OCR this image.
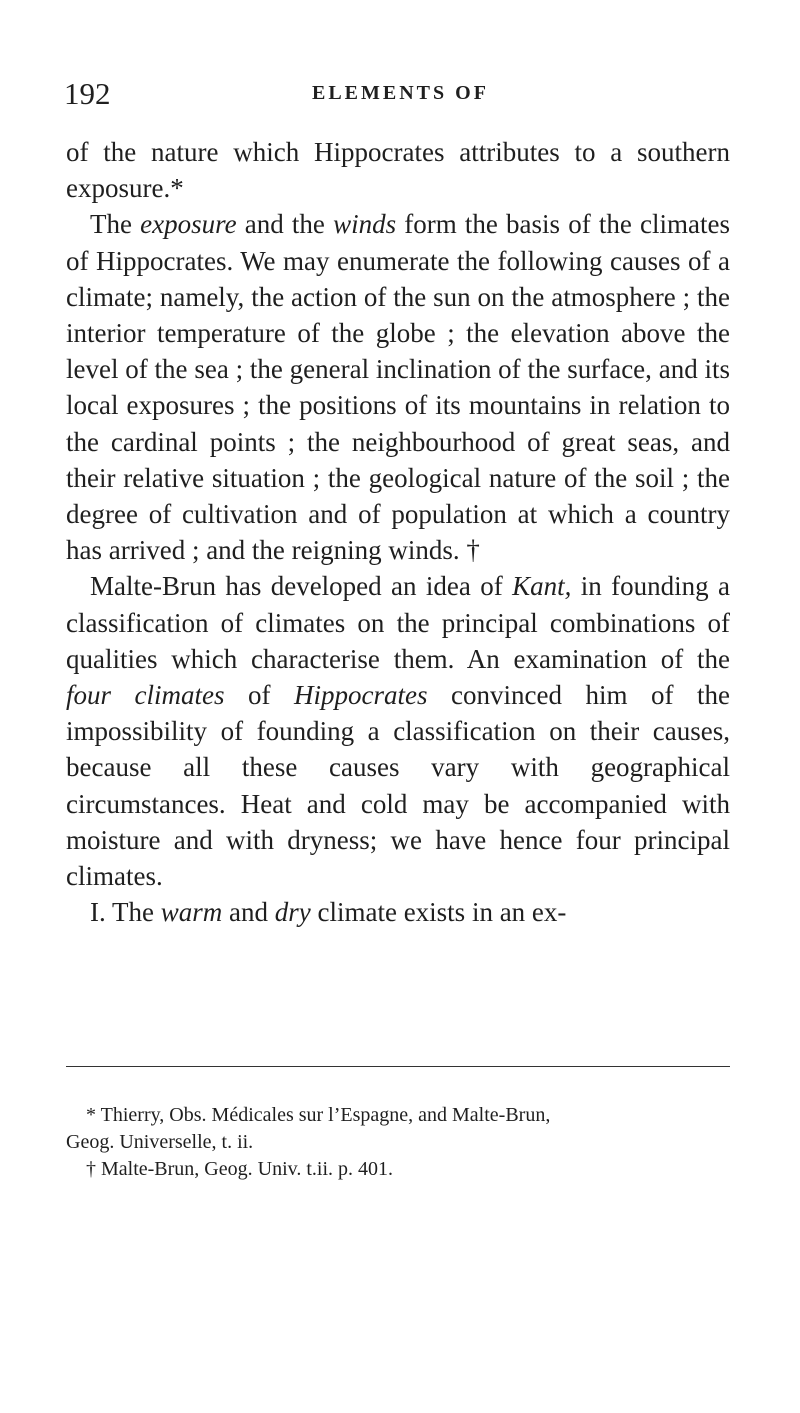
192	ELEMENTS OF

of the nature which Hippocrates attributes to a southern exposure.*

The exposure and the winds form the basis of the climates of Hippocrates. We may enumerate the following causes of a climate; namely, the action of the sun on the atmosphere ; the interior temperature of the globe ; the elevation above the level of the sea ; the general inclination of the surface, and its local exposures ; the positions of its mountains in relation to the cardinal points ; the neighbourhood of great seas, and their relative situation ; the geological nature of the soil ; the degree of cultivation and of population at which a country has arrived ; and the reigning winds. †

Malte-Brun has developed an idea of Kant, in founding a classification of climates on the principal combinations of qualities which characterise them. An examination of the four climates of Hippocrates convinced him of the impossibility of founding a classification on their causes, because all these causes vary with geographical circumstances. Heat and cold may be accompanied with moisture and with dryness; we have hence four principal climates.

I. The warm and dry climate exists in an ex-

* Thierry, Obs. Médicales sur l’Espagne, and Malte-Brun,

Geog. Universelle, t. ii.

† Malte-Brun, Geog. Univ. t.ii. p. 401.
